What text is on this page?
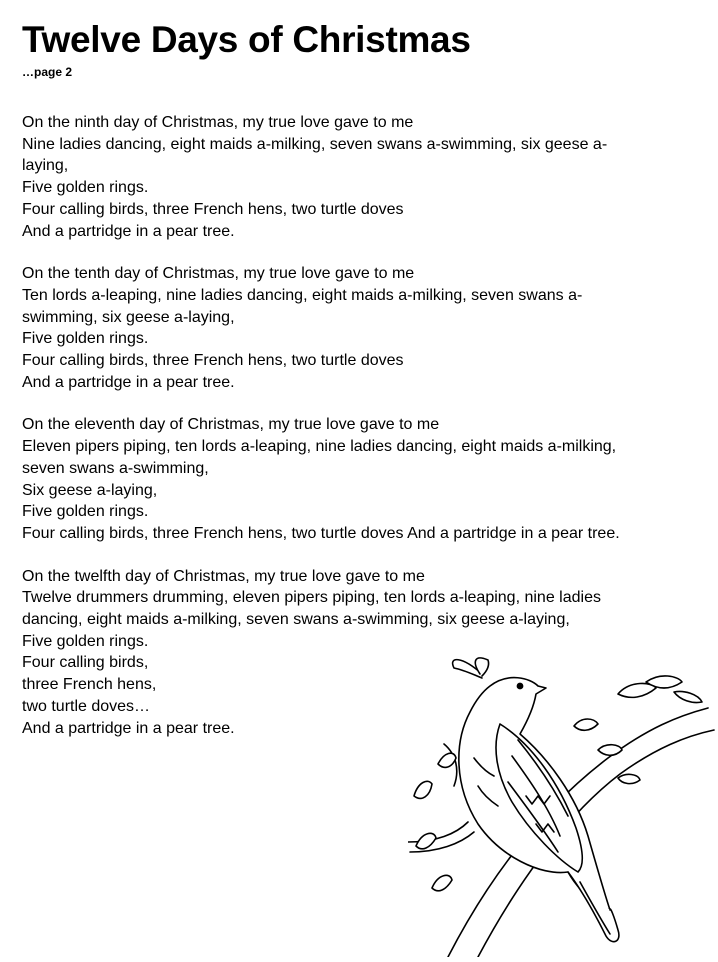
Twelve Days of Christmas

…page 2

On the ninth day of Christmas, my true love gave to me
Nine ladies dancing, eight maids a-milking, seven swans a-swimming, six geese a-
laying,
Five golden rings.
Four calling birds, three French hens, two turtle doves
And a partridge in a pear tree.

On the tenth day of Christmas, my true love gave to me
Ten lords a-leaping, nine ladies dancing, eight maids a-milking, seven swans a-
swimming, six geese a-laying,
Five golden rings.
Four calling birds, three French hens, two turtle doves
And a partridge in a pear tree.

On the eleventh day of Christmas, my true love gave to me
Eleven pipers piping, ten lords a-leaping, nine ladies dancing, eight maids a-milking,
seven swans a-swimming,
Six geese a-laying,
Five golden rings.
Four calling birds, three French hens, two turtle doves And a partridge in a pear tree.

On the twelfth day of Christmas, my true love gave to me
Twelve drummers drumming, eleven pipers piping, ten lords a-leaping, nine ladies
dancing, eight maids a-milking, seven swans a-swimming, six geese a-laying,
Five golden rings.
Four calling birds,
three French hens,
two turtle doves…
And a partridge in a pear tree.
